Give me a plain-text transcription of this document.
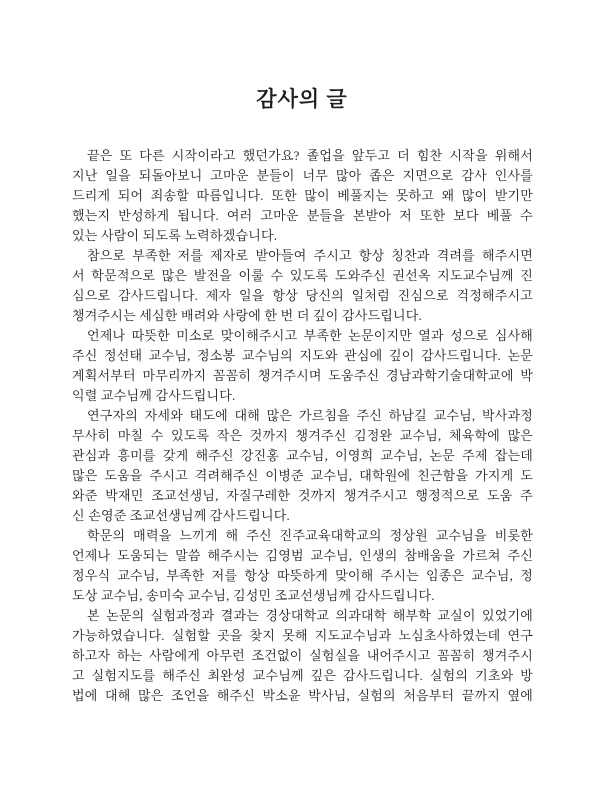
감사의 글
끝은 또 다른 시작이라고 했던가요? 졸업을 앞두고 더 힘찬 시작을 위해서
지난 일을 되돌아보니 고마운 분들이 너무 많아 좁은 지면으로 감사 인사를
드리게 되어 죄송할 따름입니다. 또한 많이 베풀지는 못하고 왜 많이 받기만
했는지 반성하게 됩니다. 여러 고마운 분들을 본받아 저 또한 보다 베풀 수
있는 사람이 되도록 노력하겠습니다.
참으로 부족한 저를 제자로 받아들여 주시고 항상 칭찬과 격려를 해주시면
서 학문적으로 많은 발전을 이룰 수 있도록 도와주신 권선옥 지도교수님께 진
심으로 감사드립니다. 제자 일을 항상 당신의 일처럼 진심으로 걱정해주시고
챙겨주시는 세심한 배려와 사랑에 한 번 더 깊이 감사드립니다.
언제나 따뜻한 미소로 맞이해주시고 부족한 논문이지만 열과 성으로 심사해
주신 정선태 교수님, 정소봉 교수님의 지도와 관심에 깊이 감사드립니다. 논문
계획서부터 마무리까지 꼼꼼히 챙겨주시며 도움주신 경남과학기술대학교에 박
익렬 교수님께 감사드립니다.
연구자의 자세와 태도에 대해 많은 가르침을 주신 하남길 교수님, 박사과정
무사히 마칠 수 있도록 작은 것까지 챙겨주신 김정완 교수님, 체육학에 많은
관심과 흥미를 갖게 해주신 강진홍 교수님, 이영희 교수님, 논문 주제 잡는데
많은 도움을 주시고 격려해주신 이병준 교수님, 대학원에 친근함을 가지게 도
와준 박재민 조교선생님, 자질구레한 것까지 챙겨주시고 행정적으로 도움 주
신 손영준 조교선생님께 감사드립니다.
학문의 매력을 느끼게 해 주신 진주교육대학교의 정상원 교수님을 비롯한
언제나 도움되는 말씀 해주시는 김영범 교수님, 인생의 참배움을 가르쳐 주신
정우식 교수님, 부족한 저를 항상 따뜻하게 맞이해 주시는 임종은 교수님, 정
도상 교수님, 송미숙 교수님, 김성민 조교선생님께 감사드립니다.
본 논문의 실험과정과 결과는 경상대학교 의과대학 해부학 교실이 있었기에
가능하였습니다. 실험할 곳을 찾지 못해 지도교수님과 노심초사하였는데 연구
하고자 하는 사람에게 아무런 조건없이 실험실을 내어주시고 꼼꼼히 챙겨주시
고 실험지도를 해주신 최완성 교수님께 깊은 감사드립니다. 실험의 기초와 방
법에 대해 많은 조언을 해주신 박소윤 박사님, 실험의 처음부터 끝까지 옆에
